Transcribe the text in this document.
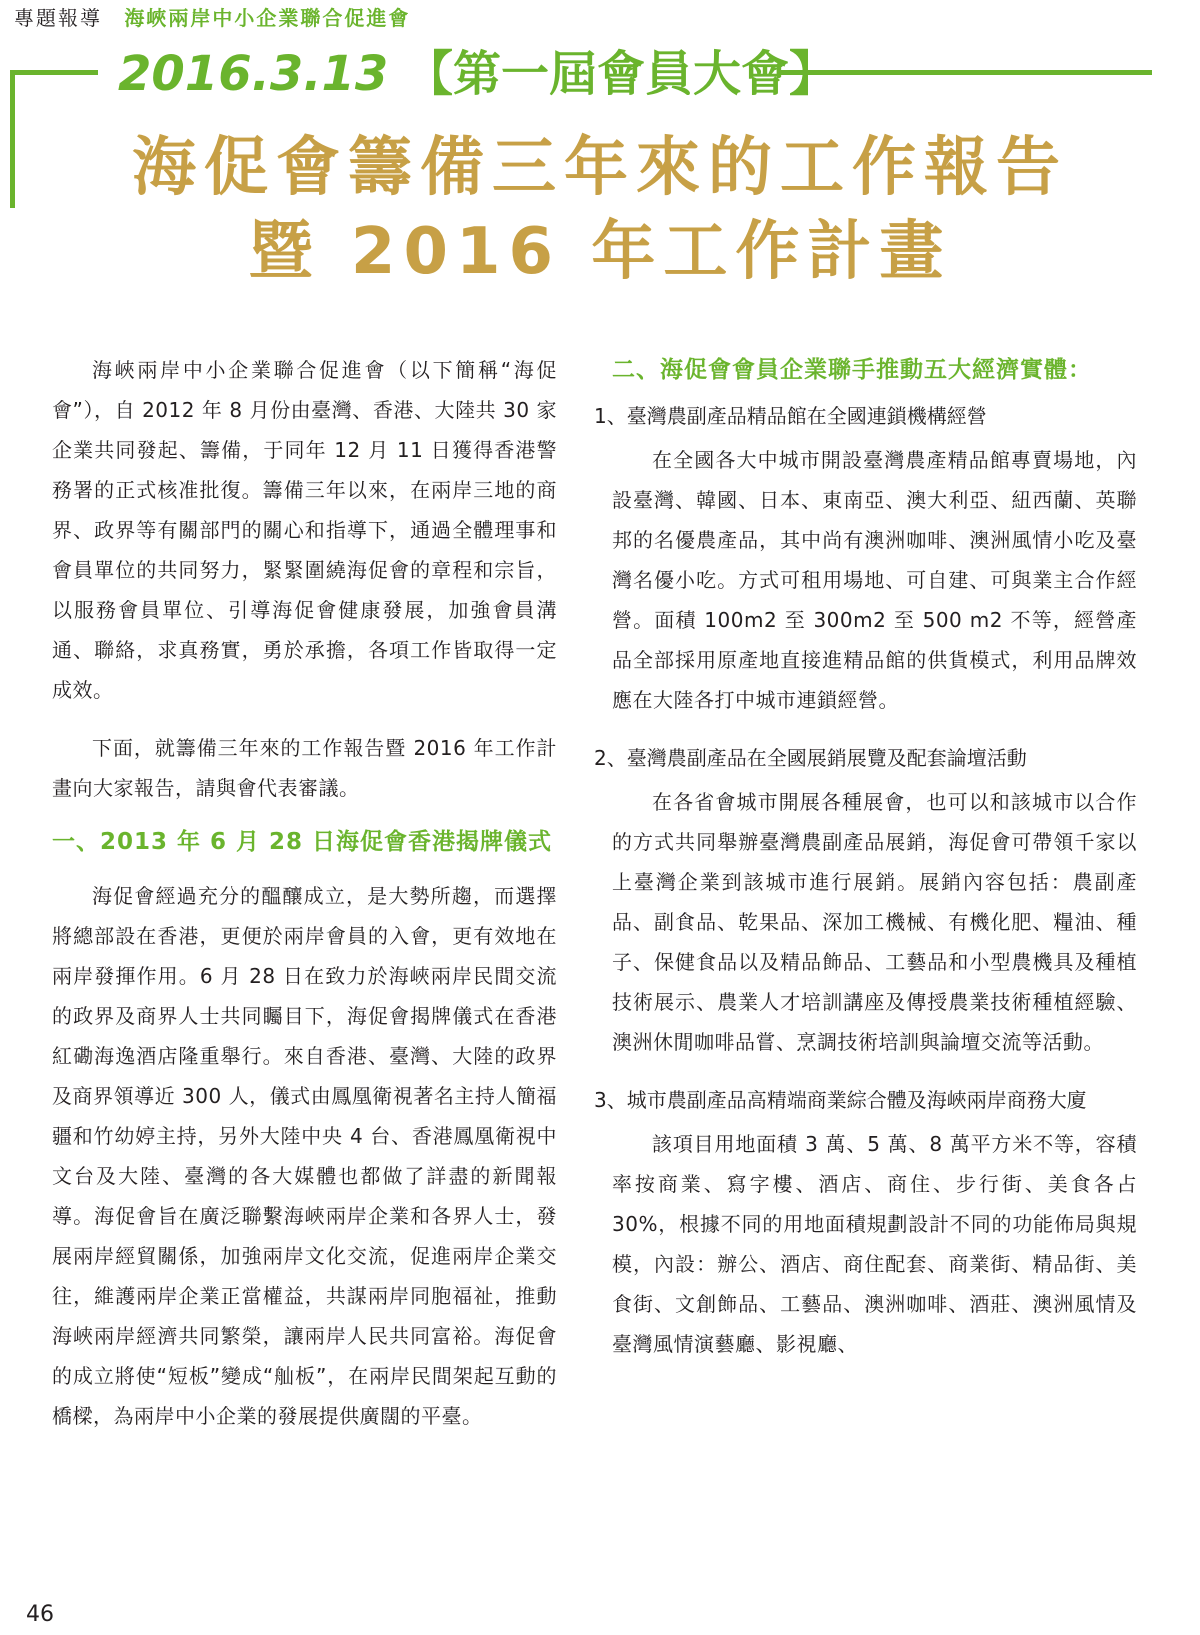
專題報導 海峽兩岸中小企業聯合促進會
2016.3.13 【第一屆會員大會】
海促會籌備三年來的工作報告
暨 2016 年工作計畫

海峽兩岸中小企業聯合促進會（以下簡稱“海促會”），自 2012 年 8 月份由臺灣、香港、大陸共 30 家企業共同發起、籌備，于同年 12 月 11 日獲得香港警務署的正式核准批復。籌備三年以來，在兩岸三地的商界、政界等有關部門的關心和指導下，通過全體理事和會員單位的共同努力，緊緊圍繞海促會的章程和宗旨，以服務會員單位、引導海促會健康發展，加強會員溝通、聯絡，求真務實，勇於承擔，各項工作皆取得一定成效。

下面，就籌備三年來的工作報告暨 2016 年工作計畫向大家報告，請與會代表審議。

一、2013 年 6 月 28 日海促會香港揭牌儀式

海促會經過充分的醞釀成立，是大勢所趨，而選擇將總部設在香港，更便於兩岸會員的入會，更有效地在兩岸發揮作用。6 月 28 日在致力於海峽兩岸民間交流的政界及商界人士共同矚目下，海促會揭牌儀式在香港紅磡海逸酒店隆重舉行。來自香港、臺灣、大陸的政界及商界領導近 300 人，儀式由鳳凰衛視著名主持人簡福疆和竹幼婷主持，另外大陸中央 4 台、香港鳳凰衛視中文台及大陸、臺灣的各大媒體也都做了詳盡的新聞報導。海促會旨在廣泛聯繫海峽兩岸企業和各界人士，發展兩岸經貿關係，加強兩岸文化交流，促進兩岸企業交往，維護兩岸企業正當權益，共謀兩岸同胞福祉，推動海峽兩岸經濟共同繁榮，讓兩岸人民共同富裕。海促會的成立將使“短板”變成“舢板”，在兩岸民間架起互動的橋樑，為兩岸中小企業的發展提供廣闊的平臺。

二、海促會會員企業聯手推動五大經濟實體：
1、臺灣農副產品精品館在全國連鎖機構經營

在全國各大中城市開設臺灣農產精品館專賣場地，內設臺灣、韓國、日本、東南亞、澳大利亞、紐西蘭、英聯邦的名優農產品，其中尚有澳洲咖啡、澳洲風情小吃及臺灣名優小吃。方式可租用場地、可自建、可與業主合作經營。面積 100m2 至 300m2 至 500 m2 不等，經營產品全部採用原產地直接進精品館的供貨模式，利用品牌效應在大陸各打中城市連鎖經營。

2、臺灣農副產品在全國展銷展覽及配套論壇活動

在各省會城市開展各種展會，也可以和該城市以合作的方式共同舉辦臺灣農副產品展銷，海促會可帶領千家以上臺灣企業到該城市進行展銷。展銷內容包括：農副產品、副食品、乾果品、深加工機械、有機化肥、糧油、種子、保健食品以及精品飾品、工藝品和小型農機具及種植技術展示、農業人才培訓講座及傳授農業技術種植經驗、澳洲休閒咖啡品嘗、烹調技術培訓與論壇交流等活動。

3、城市農副產品高精端商業綜合體及海峽兩岸商務大廈

該項目用地面積 3 萬、5 萬、8 萬平方米不等，容積率按商業、寫字樓、酒店、商住、步行街、美食各占 30%，根據不同的用地面積規劃設計不同的功能佈局與規模，內設：辦公、酒店、商住配套、商業街、精品街、美食街、文創飾品、工藝品、澳洲咖啡、酒莊、澳洲風情及臺灣風情演藝廳、影視廳、

46
